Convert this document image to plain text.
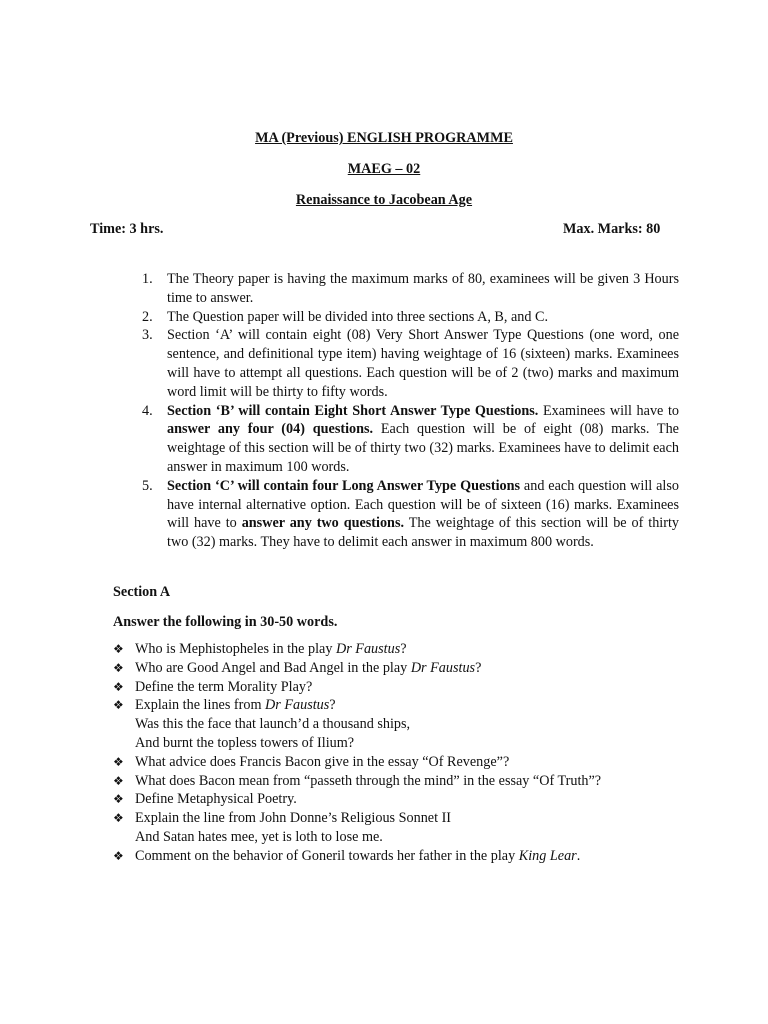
MA (Previous) ENGLISH PROGRAMME
MAEG – 02
Renaissance to Jacobean Age
Time: 3 hrs.	Max. Marks: 80
1. The Theory paper is having the maximum marks of 80, examinees will be given 3 Hours time to answer.
2. The Question paper will be divided into three sections A, B, and C.
3. Section ‘A’ will contain eight (08) Very Short Answer Type Questions (one word, one sentence, and definitional type item) having weightage of 16 (sixteen) marks. Examinees will have to attempt all questions. Each question will be of 2 (two) marks and maximum word limit will be thirty to fifty words.
4. Section ‘B’ will contain Eight Short Answer Type Questions. Examinees will have to answer any four (04) questions. Each question will be of eight (08) marks. The weightage of this section will be of thirty two (32) marks. Examinees have to delimit each answer in maximum 100 words.
5. Section ‘C’ will contain four Long Answer Type Questions and each question will also have internal alternative option. Each question will be of sixteen (16) marks. Examinees will have to answer any two questions. The weightage of this section will be of thirty two (32) marks. They have to delimit each answer in maximum 800 words.
Section A
Answer the following in 30-50 words.
❖ Who is Mephistopheles in the play Dr Faustus?
❖ Who are Good Angel and Bad Angel in the play Dr Faustus?
❖ Define the term Morality Play?
❖ Explain the lines from Dr Faustus?
Was this the face that launch’d a thousand ships,
And burnt the topless towers of Ilium?
❖ What advice does Francis Bacon give in the essay “Of Revenge”?
❖ What does Bacon mean from “passeth through the mind” in the essay “Of Truth”?
❖ Define Metaphysical Poetry.
❖ Explain the line from John Donne’s Religious Sonnet II
And Satan hates mee, yet is loth to lose me.
❖ Comment on the behavior of Goneril towards her father in the play King Lear.
